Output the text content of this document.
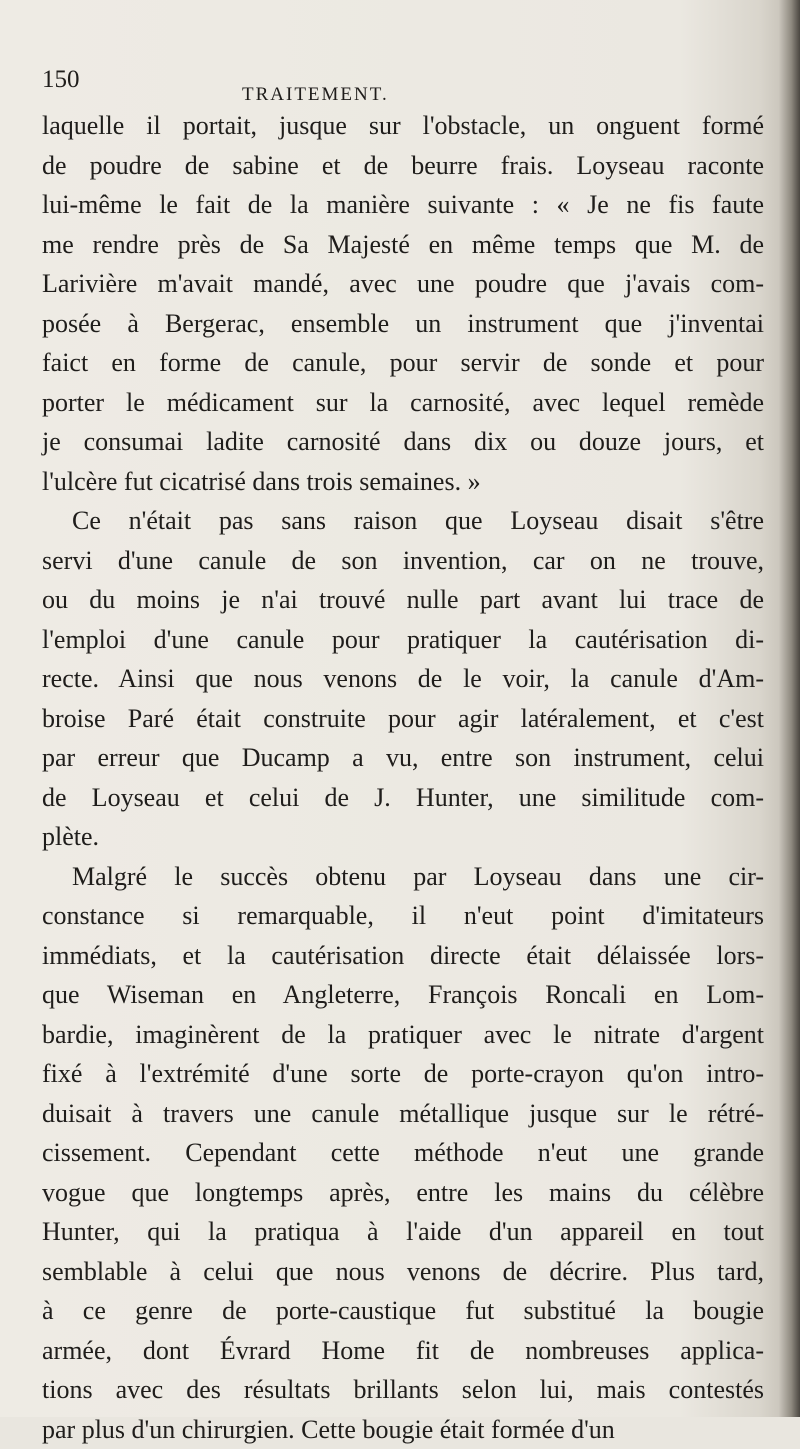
150
TRAITEMENT.
laquelle il portait, jusque sur l'obstacle, un onguent formé
de poudre de sabine et de beurre frais. Loyseau raconte
lui-même le fait de la manière suivante : « Je ne fis faute
me rendre près de Sa Majesté en même temps que M. de
Larivière m'avait mandé, avec une poudre que j'avais com-
posée à Bergerac, ensemble un instrument que j'inventai
faict en forme de canule, pour servir de sonde et pour
porter le médicament sur la carnosité, avec lequel remède
je consumai ladite carnosité dans dix ou douze jours, et
l'ulcère fut cicatrisé dans trois semaines. »
Ce n'était pas sans raison que Loyseau disait s'être
servi d'une canule de son invention, car on ne trouve,
ou du moins je n'ai trouvé nulle part avant lui trace de
l'emploi d'une canule pour pratiquer la cautérisation di-
recte. Ainsi que nous venons de le voir, la canule d'Am-
broise Paré était construite pour agir latéralement, et c'est
par erreur que Ducamp a vu, entre son instrument, celui
de Loyseau et celui de J. Hunter, une similitude com-
plète.
Malgré le succès obtenu par Loyseau dans une cir-
constance si remarquable, il n'eut point d'imitateurs
immédiats, et la cautérisation directe était délaissée lors-
que Wiseman en Angleterre, François Roncali en Lom-
bardie, imaginèrent de la pratiquer avec le nitrate d'argent
fixé à l'extrémité d'une sorte de porte-crayon qu'on intro-
duisait à travers une canule métallique jusque sur le rétré-
cissement. Cependant cette méthode n'eut une grande
vogue que longtemps après, entre les mains du célèbre
Hunter, qui la pratiqua à l'aide d'un appareil en tout
semblable à celui que nous venons de décrire. Plus tard,
à ce genre de porte-caustique fut substitué la bougie
armée, dont Évrard Home fit de nombreuses applica-
tions avec des résultats brillants selon lui, mais contestés
par plus d'un chirurgien. Cette bougie était formée d'un
